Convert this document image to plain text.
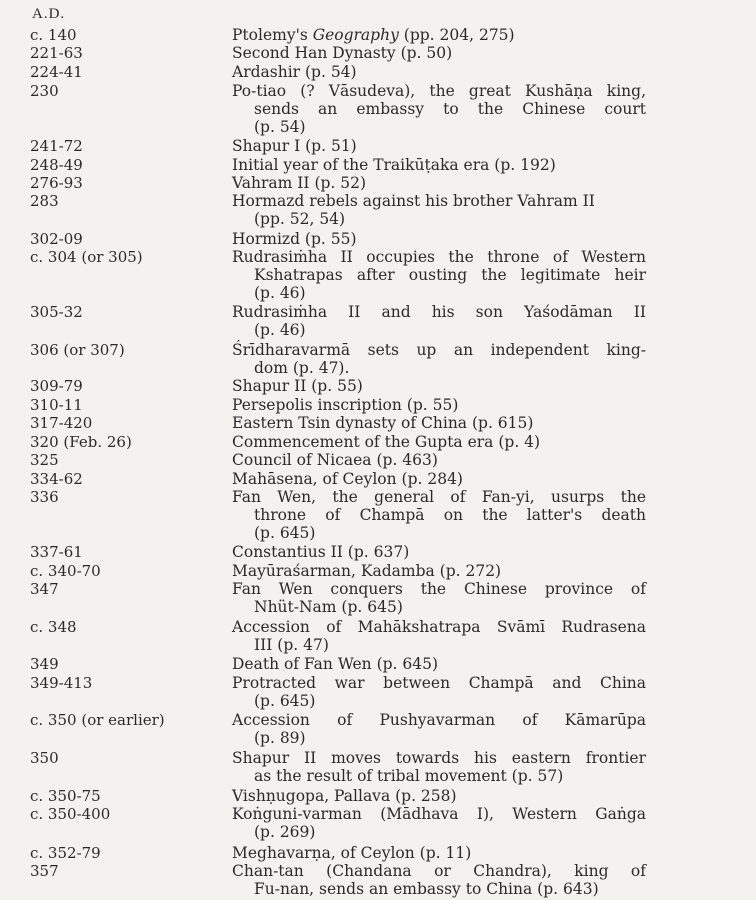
A.D.
c. 140	Ptolemy's Geography (pp. 204, 275)
221-63	Second Han Dynasty (p. 50)
224-41	Ardashir (p. 54)
230	Po-tiao (? Vāsudeva), the great Kushāṇa king,
sends an embassy to the Chinese court
(p. 54)
241-72	Shapur I (p. 51)
248-49	Initial year of the Traikūṭaka era (p. 192)
276-93	Vahram II (p. 52)
283	Hormazd rebels against his brother Vahram II
(pp. 52, 54)
302-09	Hormizd (p. 55)
c. 304 (or 305)	Rudrasiṁha II occupies the throne of Western
Kshatrapas after ousting the legitimate heir
(p. 46)
305-32	Rudrasiṁha II and his son Yaśodāman II
(p. 46)
306 (or 307)	Śrīdharavarmā sets up an independent king-
dom (p. 47).
309-79	Shapur II (p. 55)
310-11	Persepolis inscription (p. 55)
317-420	Eastern Tsin dynasty of China (p. 615)
320 (Feb. 26)	Commencement of the Gupta era (p. 4)
325	Council of Nicaea (p. 463)
334-62	Mahāsena, of Ceylon (p. 284)
336	Fan Wen, the general of Fan-yi, usurps the
throne of Champā on the latter's death
(p. 645)
337-61	Constantius II (p. 637)
c. 340-70	Mayūraśarman, Kadamba (p. 272)
347	Fan Wen conquers the Chinese province of
Nhüt-Nam (p. 645)
c. 348	Accession of Mahākshatrapa Svāmī Rudrasena
III (p. 47)
349	Death of Fan Wen (p. 645)
349-413	Protracted war between Champā and China
(p. 645)
c. 350 (or earlier)	Accession of Pushyavarman of Kāmarūpa
(p. 89)
350	Shapur II moves towards his eastern frontier
as the result of tribal movement (p. 57)
c. 350-75	Vishṇugopa, Pallava (p. 258)
c. 350-400	Koṅguni-varman (Mādhava I), Western Gaṅga
(p. 269)
c. 352-79	Meghavarṇa, of Ceylon (p. 11)
357	Chan-tan (Chandana or Chandra), king of
Fu-nan, sends an embassy to China (p. 643)
